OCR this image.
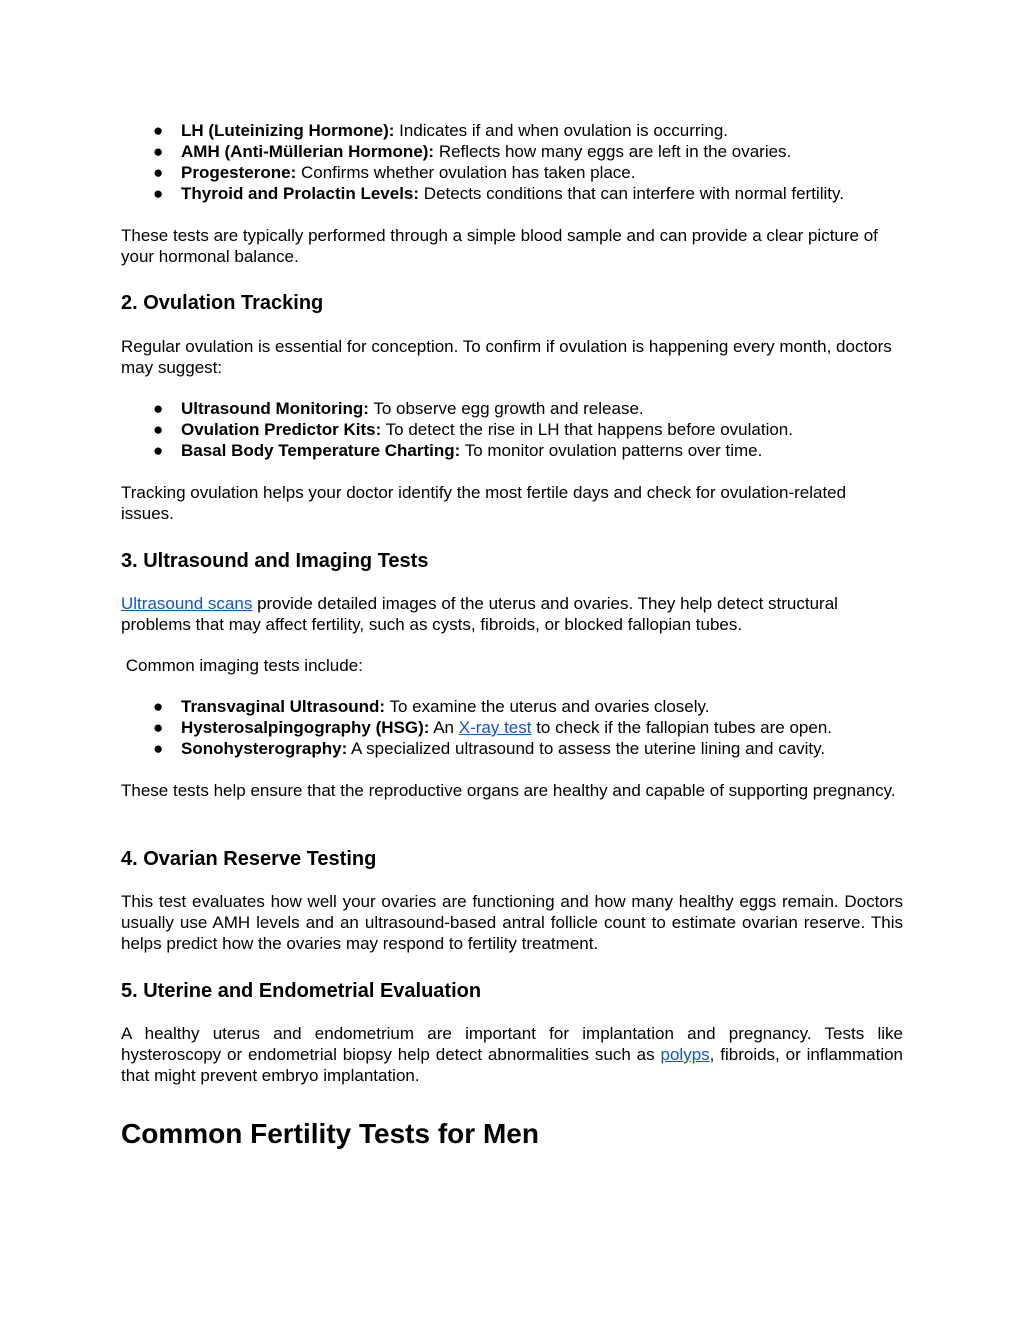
● LH (Luteinizing Hormone): Indicates if and when ovulation is occurring.
● AMH (Anti-Müllerian Hormone): Reflects how many eggs are left in the ovaries.
● Progesterone: Confirms whether ovulation has taken place.
● Thyroid and Prolactin Levels: Detects conditions that can interfere with normal fertility.

These tests are typically performed through a simple blood sample and can provide a clear picture of your hormonal balance.

2. Ovulation Tracking

Regular ovulation is essential for conception. To confirm if ovulation is happening every month, doctors may suggest:

● Ultrasound Monitoring: To observe egg growth and release.
● Ovulation Predictor Kits: To detect the rise in LH that happens before ovulation.
● Basal Body Temperature Charting: To monitor ovulation patterns over time.

Tracking ovulation helps your doctor identify the most fertile days and check for ovulation-related issues.

3. Ultrasound and Imaging Tests

Ultrasound scans provide detailed images of the uterus and ovaries. They help detect structural problems that may affect fertility, such as cysts, fibroids, or blocked fallopian tubes.

Common imaging tests include:

● Transvaginal Ultrasound: To examine the uterus and ovaries closely.
● Hysterosalpingography (HSG): An X-ray test to check if the fallopian tubes are open.
● Sonohysterography: A specialized ultrasound to assess the uterine lining and cavity.

These tests help ensure that the reproductive organs are healthy and capable of supporting pregnancy.

4. Ovarian Reserve Testing

This test evaluates how well your ovaries are functioning and how many healthy eggs remain. Doctors usually use AMH levels and an ultrasound-based antral follicle count to estimate ovarian reserve. This helps predict how the ovaries may respond to fertility treatment.

5. Uterine and Endometrial Evaluation

A healthy uterus and endometrium are important for implantation and pregnancy. Tests like hysteroscopy or endometrial biopsy help detect abnormalities such as polyps, fibroids, or inflammation that might prevent embryo implantation.

Common Fertility Tests for Men
